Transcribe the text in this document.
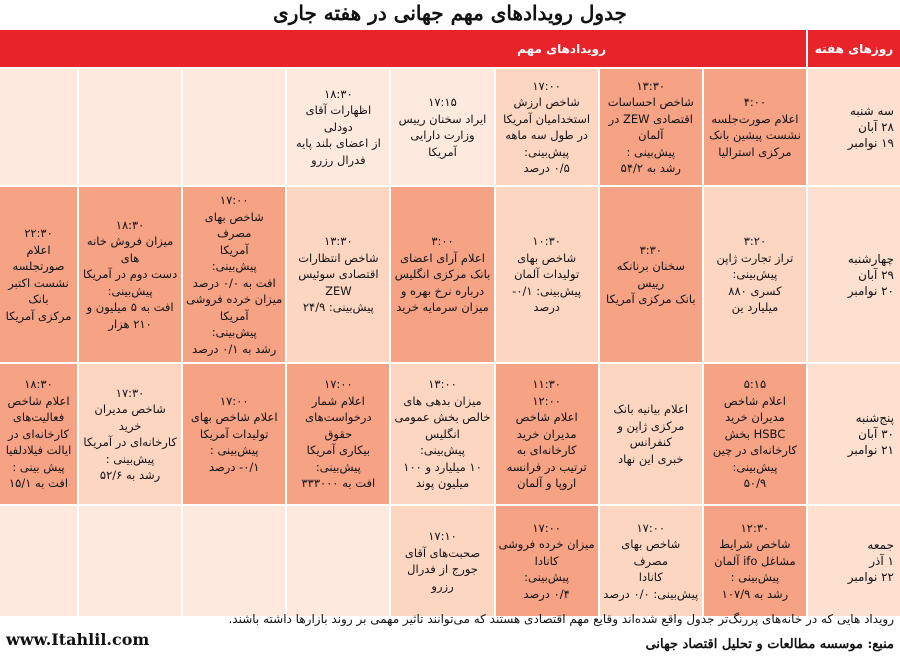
جدول رویدادهای مهم جهانی در هفته جاری
روزهای هفته
رویدادهای مهم
سه شنبه
۲۸ آبان
۱۹ نوامبر
۴:۰۰
اعلام صورت‌جلسه
نشست پیشین بانک
مرکزی استرالیا
۱۳:۳۰
شاخص احساسات
اقتصادی ZEW در
آلمان
پیش‌بینی :
رشد به ۵۴/۲
۱۷:۰۰
شاخص ارزش
استخدامیان آمریکا
در طول سه ماهه
پیش‌بینی:
۰/۵ درصد
۱۷:۱۵
ایراد سخنان رییس
وزارت دارایی آمریکا
۱۸:۳۰
اظهارات آقای دودلی
از اعضای بلند پایه
فدرال رزرو
چهارشنبه
۲۹ آبان
۲۰ نوامبر
۳:۲۰
تراز تجارت ژاپن
پیش‌بینی:
کسری ۸۸۰
میلیارد ین
۳:۳۰
سخنان برنانکه رییس
بانک مرکزی آمریکا
۱۰:۳۰
شاخص بهای
تولیدات آلمان
پیش‌بینی: ۰/۱-
درصد
۳:۰۰
اعلام آرای اعضای
بانک مرکزی انگلیس
درباره نرخ بهره و
میزان سرمایه خرید
۱۳:۳۰
شاخص انتظارات
اقتصادی سوئیس
ZEW
پیش‌بینی: ۲۴/۹
۱۷:۰۰
شاخص بهای مصرف
آمریکا
پیش‌بینی:
افت به ۰/۰ درصد
میزان خرده فروشی
آمریکا
پیش‌بینی:
رشد به ۰/۱ درصد
۱۸:۳۰
میزان فروش خانه های
دست دوم در آمریکا
پیش‌بینی:
افت به ۵ میلیون و
۲۱۰ هزار
۲۲:۳۰
اعلام صورتجلسه
نشست اکتبر بانک
مرکزی آمریکا
پنج‌شنبه
۳۰ آبان
۲۱ نوامبر
۵:۱۵
اعلام شاخص
مدیران خرید
HSBC بخش
کارخانه‌ای در چین
پیش‌بینی:
۵۰/۹
اعلام بیانیه بانک
مرکزی ژاپن و کنفرانس
خبری این نهاد
۱۱:۳۰
۱۲:۰۰
اعلام شاخص
مدیران خرید
کارخانه‌ای به
ترتیب در فرانسه
اروپا و آلمان
۱۳:۰۰
میزان بدهی های
خالص بخش عمومی
انگلیس
پیش‌بینی:
۱۰ میلیارد و ۱۰۰
میلیون پوند
۱۷:۰۰
اعلام شمار
درخواست‌های حقوق
بیکاری آمریکا
پیش‌بینی:
افت به ۳۳۳۰۰۰
۱۷:۰۰
اعلام شاخص بهای
تولیدات آمریکا
پیش‌بینی :
۰/۱- درصد
۱۷:۳۰
شاخص مدیران خرید
کارخانه‌ای در آمریکا
پیش‌بینی :
رشد به ۵۲/۶
۱۸:۳۰
اعلام شاخص
فعالیت‌های
کارخانه‌ای در
ایالت فیلادلفیا
پیش بینی :
افت به ۱۵/۱
جمعه
۱ آذر
۲۲ نوامبر
۱۲:۳۰
شاخص شرایط
مشاغل ifo آلمان
پیش‌بینی :
رشد به ۱۰۷/۹
۱۷:۰۰
شاخص بهای مصرف
کانادا
پیش‌بینی: ۰/۰ درصد
۱۷:۰۰
میزان خرده فروشی
کانادا
پیش‌بینی:
۰/۴ درصد
۱۷:۱۰
صحبت‌های آقای
جورج از فدرال
رزرو
رویداد هایی که در خانه‌های پررنگ‌تر جدول واقع شده‌اند وقایع مهم اقتصادی هستند که می‌توانند تاثیر مهمی بر روند بازارها داشته باشند.
www.Itahlil.com	منبع: موسسه مطالعات و تحلیل اقتصاد جهانی
